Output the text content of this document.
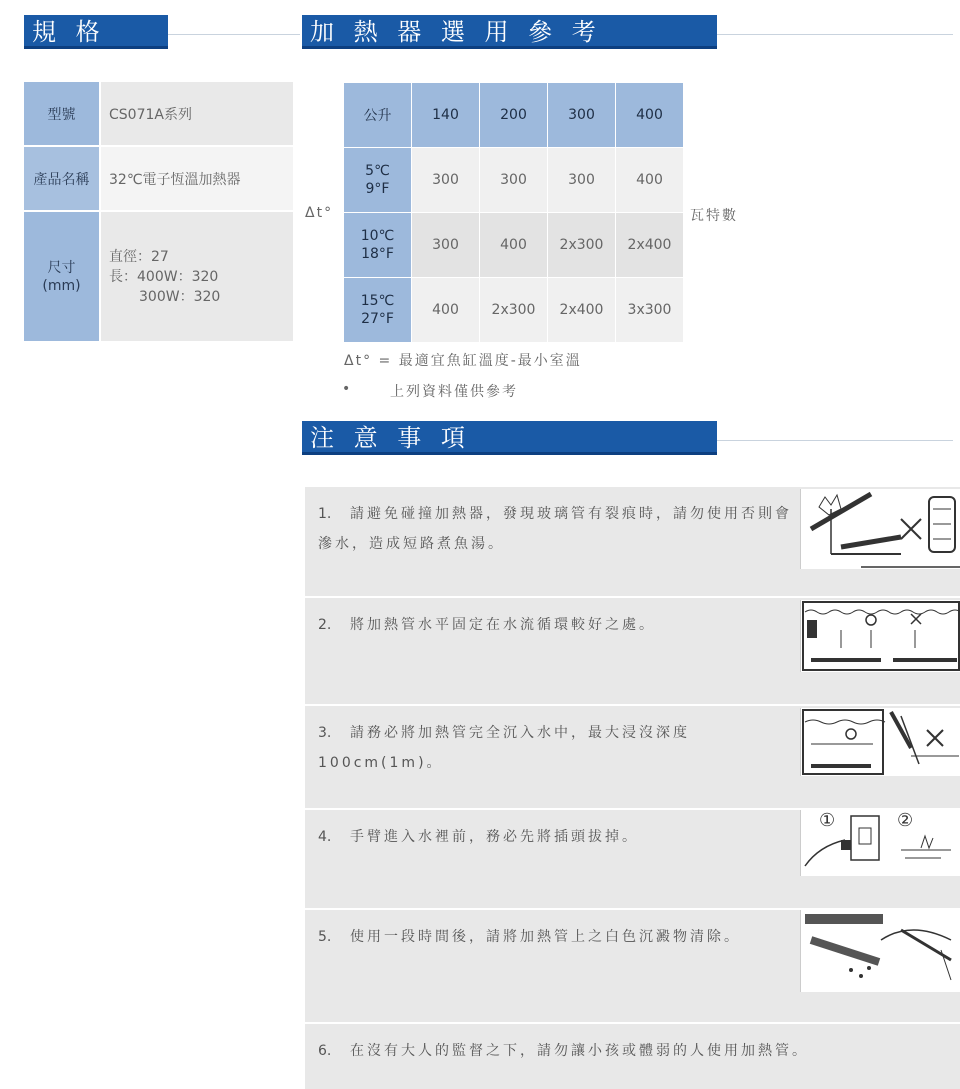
規 格
型號	CS071A系列
產品名稱	32℃電子恆溫加熱器
尺寸
(mm)	直徑：27
長：400W：320
300W：320
加 熱 器 選 用 參 考
Δt°
公升	140	200	300	400

5℃
9°F	300	300	300	400

10℃
18°F	300	400	2x300	2x400

15℃
27°F	400	2x300	2x400	3x300
瓦特數
Δt° = 最適宜魚缸溫度-最小室溫
•	上列資料僅供參考
注 意 事 項
1. 請避免碰撞加熱器，發現玻璃管有裂痕時，請勿使用否則會滲水，造成短路煮魚湯。
2. 將加熱管水平固定在水流循環較好之處。
3. 請務必將加熱管完全沉入水中，最大浸沒深度100cm(1m)。
4. 手臂進入水裡前，務必先將插頭拔掉。
①	②
5. 使用一段時間後，請將加熱管上之白色沉澱物清除。
6. 在沒有大人的監督之下，請勿讓小孩或體弱的人使用加熱管。
